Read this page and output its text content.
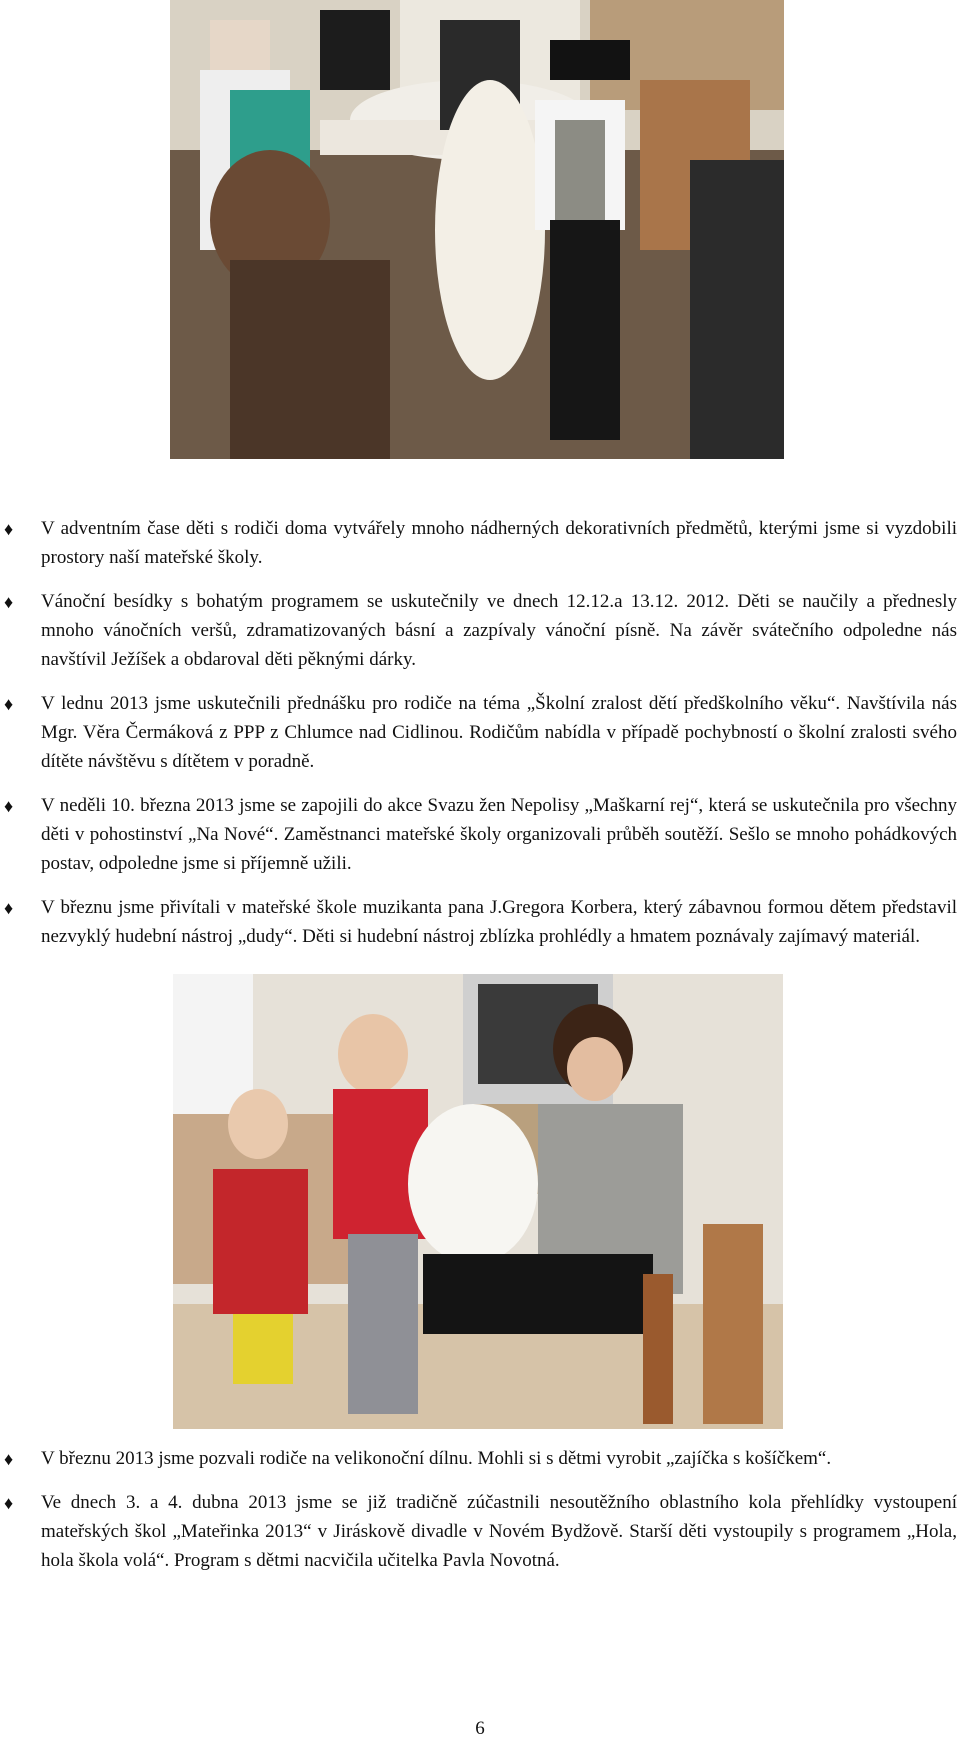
♦ V adventním čase děti s rodiči doma vytvářely mnoho nádherných dekorativních předmětů, kterými jsme si vyzdobili prostory naší mateřské školy.
♦ Vánoční besídky s bohatým programem se uskutečnily ve dnech 12.12.a 13.12. 2012. Děti se naučily a přednesly mnoho vánočních veršů, zdramatizovaných básní a zazpívaly vánoční písně. Na závěr svátečního odpoledne nás navštívil Ježíšek a obdaroval děti pěknými dárky.
♦ V lednu 2013 jsme uskutečnili přednášku pro rodiče na téma „Školní zralost dětí předškolního věku“. Navštívila nás Mgr. Věra Čermáková z PPP z Chlumce nad Cidlinou. Rodičům nabídla v případě pochybností o školní zralosti svého dítěte návštěvu s dítětem v poradně.
♦ V neděli 10. března 2013 jsme se zapojili do akce Svazu žen Nepolisy „Maškarní rej“, která se uskutečnila pro všechny děti v pohostinství „Na Nové“. Zaměstnanci mateřské školy organizovali průběh soutěží. Sešlo se mnoho pohádkových postav, odpoledne jsme si příjemně užili.
♦ V březnu jsme přivítali v mateřské škole muzikanta pana J.Gregora Korbera, který zábavnou formou dětem představil nezvyklý hudební nástroj „dudy“. Děti si hudební nástroj zblízka prohlédly a hmatem poznávaly zajímavý materiál.
♦ V březnu 2013 jsme pozvali rodiče na velikonoční dílnu. Mohli si s dětmi vyrobit „zajíčka s košíčkem“.
♦ Ve dnech 3. a 4. dubna 2013 jsme se již tradičně zúčastnili nesoutěžního oblastního kola přehlídky vystoupení mateřských škol „Mateřinka 2013“ v Jiráskově divadle v Novém Bydžově. Starší děti vystoupily s programem „Hola, hola škola volá“. Program s dětmi nacvičila učitelka Pavla Novotná.
6
